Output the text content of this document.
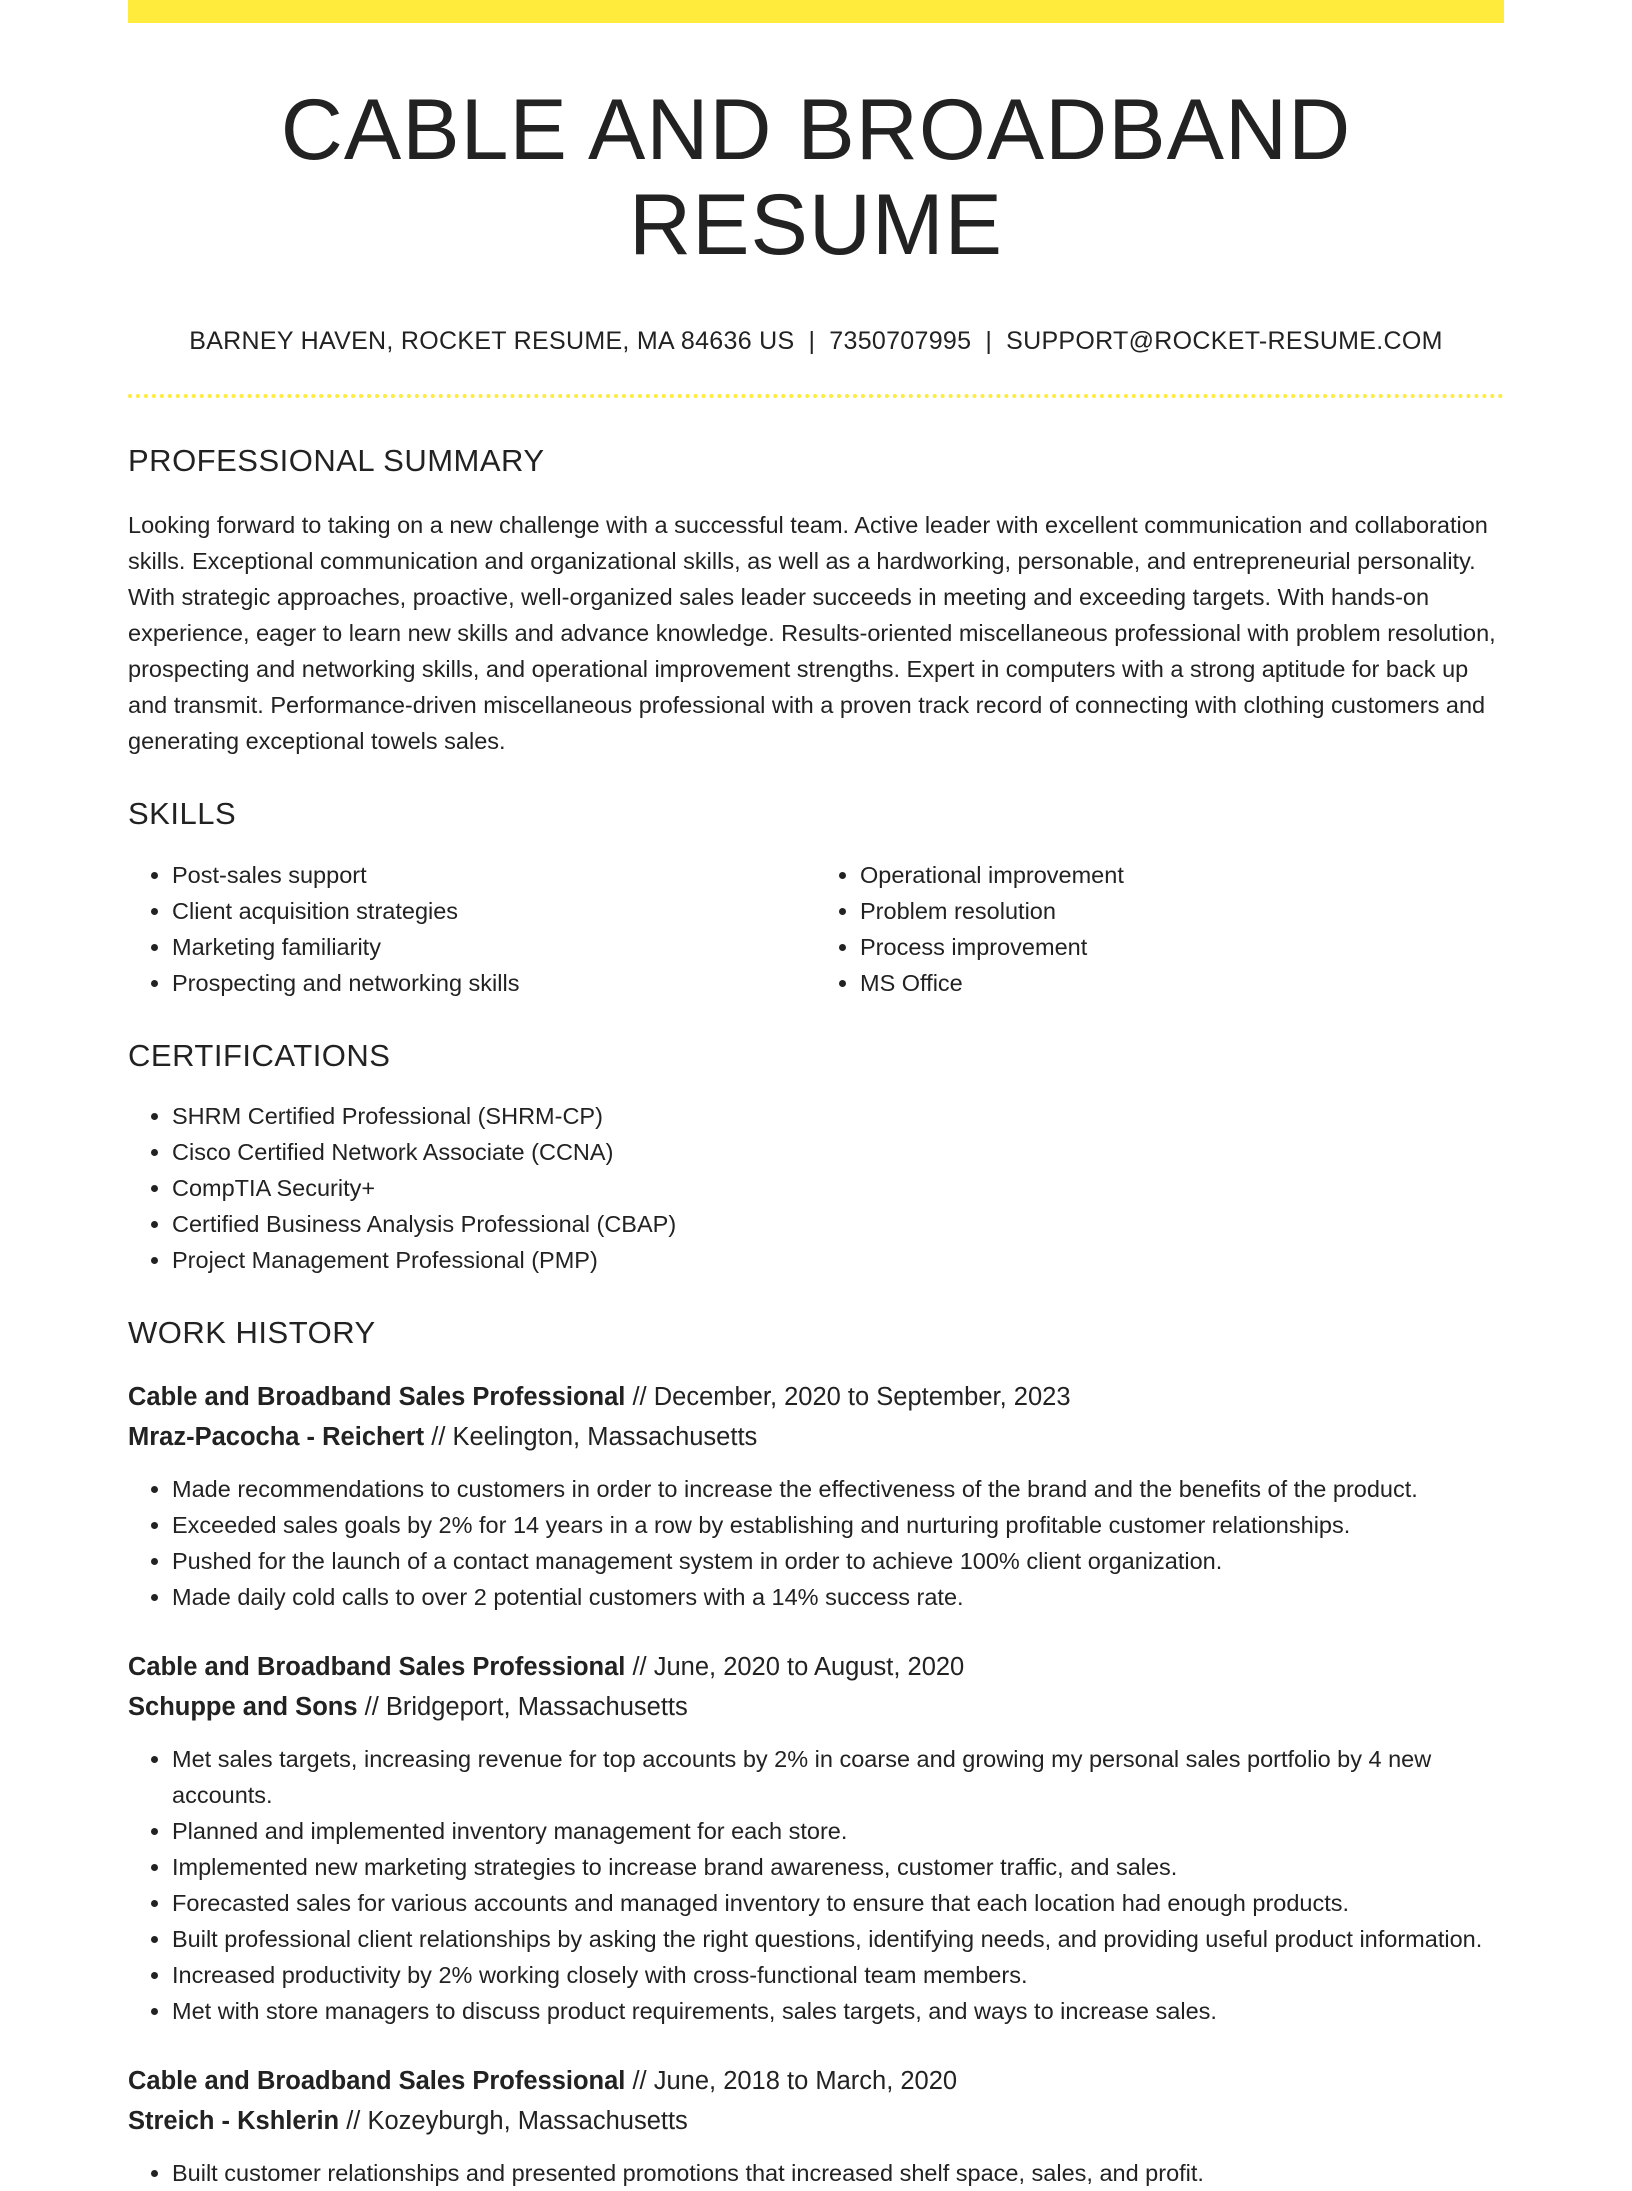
CABLE AND BROADBAND RESUME
BARNEY HAVEN, ROCKET RESUME, MA 84636 US | 7350707995 | SUPPORT@ROCKET-RESUME.COM
PROFESSIONAL SUMMARY

Looking forward to taking on a new challenge with a successful team. Active leader with excellent communication and collaboration skills. Exceptional communication and organizational skills, as well as a hardworking, personable, and entrepreneurial personality. With strategic approaches, proactive, well-organized sales leader succeeds in meeting and exceeding targets. With hands-on experience, eager to learn new skills and advance knowledge. Results-oriented miscellaneous professional with problem resolution, prospecting and networking skills, and operational improvement strengths. Expert in computers with a strong aptitude for back up and transmit. Performance-driven miscellaneous professional with a proven track record of connecting with clothing customers and generating exceptional towels sales.

SKILLS
• Post-sales support
• Client acquisition strategies
• Marketing familiarity
• Prospecting and networking skills
• Operational improvement
• Problem resolution
• Process improvement
• MS Office
CERTIFICATIONS
• SHRM Certified Professional (SHRM-CP)
• Cisco Certified Network Associate (CCNA)
• CompTIA Security+
• Certified Business Analysis Professional (CBAP)
• Project Management Professional (PMP)
WORK HISTORY
Cable and Broadband Sales Professional // December, 2020 to September, 2023
Mraz-Pacocha - Reichert // Keelington, Massachusetts
• Made recommendations to customers in order to increase the effectiveness of the brand and the benefits of the product.
• Exceeded sales goals by 2% for 14 years in a row by establishing and nurturing profitable customer relationships.
• Pushed for the launch of a contact management system in order to achieve 100% client organization.
• Made daily cold calls to over 2 potential customers with a 14% success rate.
Cable and Broadband Sales Professional // June, 2020 to August, 2020
Schuppe and Sons // Bridgeport, Massachusetts
• Met sales targets, increasing revenue for top accounts by 2% in coarse and growing my personal sales portfolio by 4 new accounts.
• Planned and implemented inventory management for each store.
• Implemented new marketing strategies to increase brand awareness, customer traffic, and sales.
• Forecasted sales for various accounts and managed inventory to ensure that each location had enough products.
• Built professional client relationships by asking the right questions, identifying needs, and providing useful product information.
• Increased productivity by 2% working closely with cross-functional team members.
• Met with store managers to discuss product requirements, sales targets, and ways to increase sales.
Cable and Broadband Sales Professional // June, 2018 to March, 2020
Streich - Kshlerin // Kozeyburgh, Massachusetts
• Built customer relationships and presented promotions that increased shelf space, sales, and profit.
